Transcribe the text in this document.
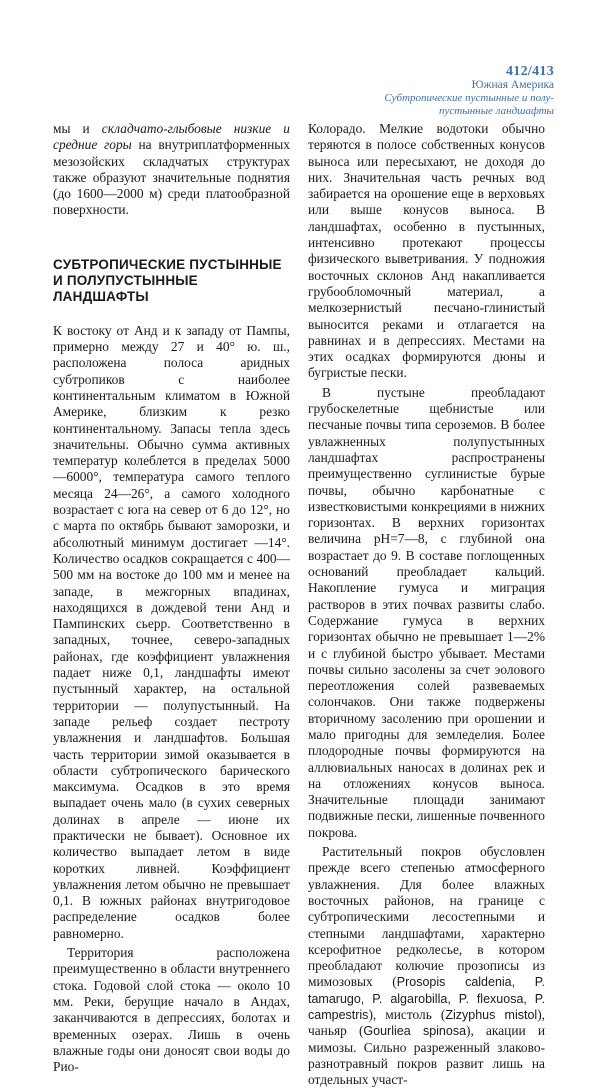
412/413
Южная Америка
Субтропические пустынные и полу-
пустынные ландшафты

мы и складчато-глыбовые низкие и средние горы на внутриплатформенных мезозойских складчатых структурах также образуют значительные поднятия (до 1600—2000 м) среди платообразной поверхности.

СУБТРОПИЧЕСКИЕ ПУСТЫННЫЕ И ПОЛУПУСТЫННЫЕ ЛАНДШАФТЫ

К востоку от Анд и к западу от Пампы, примерно между 27 и 40° ю. ш., расположена полоса аридных субтропиков с наиболее континентальным климатом в Южной Америке, близким к резко континентальному. Запасы тепла здесь значительны. Обычно сумма активных температур колеблется в пределах 5000—6000°, температура самого теплого месяца 24—26°, а самого холодного возрастает с юга на север от 6 до 12°, но с марта по октябрь бывают заморозки, и абсолютный минимум достигает —14°. Количество осадков сокращается с 400—500 мм на востоке до 100 мм и менее на западе, в межгорных впадинах, находящихся в дождевой тени Анд и Пампинских сьерр. Соответственно в западных, точнее, северо-западных районах, где коэффициент увлажнения падает ниже 0,1, ландшафты имеют пустынный характер, на остальной территории — полупустынный. На западе рельеф создает пестроту увлажнения и ландшафтов. Большая часть территории зимой оказывается в области субтропического барического максимума. Осадков в это время выпадает очень мало (в сухих северных долинах в апреле — июне их практически не бывает). Основное их количество выпадает летом в виде коротких ливней. Коэффициент увлажнения летом обычно не превышает 0,1. В южных районах внутригодовое распределение осадков более равномерно.

Территория расположена преимущественно в области внутреннего стока. Годовой слой стока — около 10 мм. Реки, берущие начало в Андах, заканчиваются в депрессиях, болотах и временных озерах. Лишь в очень влажные годы они доносят свои воды до Рио-

Колорадо. Мелкие водотоки обычно теряются в полосе собственных конусов выноса или пересыхают, не доходя до них. Значительная часть речных вод забирается на орошение еще в верховьях или выше конусов выноса. В ландшафтах, особенно в пустынных, интенсивно протекают процессы физического выветривания. У подножия восточных склонов Анд накапливается грубообломочный материал, а мелкозернистый песчано-глинистый выносится реками и отлагается на равнинах и в депрессиях. Местами на этих осадках формируются дюны и бугристые пески.

В пустыне преобладают грубоскелетные щебнистые или песчаные почвы типа сероземов. В более увлажненных полупустынных ландшафтах распространены преимущественно суглинистые бурые почвы, обычно карбонатные с известковистыми конкрециями в нижних горизонтах. В верхних горизонтах величина pH=7—8, с глубиной она возрастает до 9. В составе поглощенных оснований преобладает кальций. Накопление гумуса и миграция растворов в этих почвах развиты слабо. Содержание гумуса в верхних горизонтах обычно не превышает 1—2% и с глубиной быстро убывает. Местами почвы сильно засолены за счет эолового переотложения солей развеваемых солончаков. Они также подвержены вторичному засолению при орошении и мало пригодны для земледелия. Более плодородные почвы формируются на аллювиальных наносах в долинах рек и на отложениях конусов выноса. Значительные площади занимают подвижные пески, лишенные почвенного покрова.

Растительный покров обусловлен прежде всего степенью атмосферного увлажнения. Для более влажных восточных районов, на границе с субтропическими лесостепными и степными ландшафтами, характерно ксерофитное редколесье, в котором преобладают колючие прозописы из мимозовых (Prosopis caldenia, P. tamarugo, P. algarobilla, P. flexuosa, P. campestris), мистоль (Zizyphus mistol), чаньяр (Gourliea spinosa), акации и мимозы. Сильно разреженный злаково-разнотравный покров развит лишь на отдельных участ-
